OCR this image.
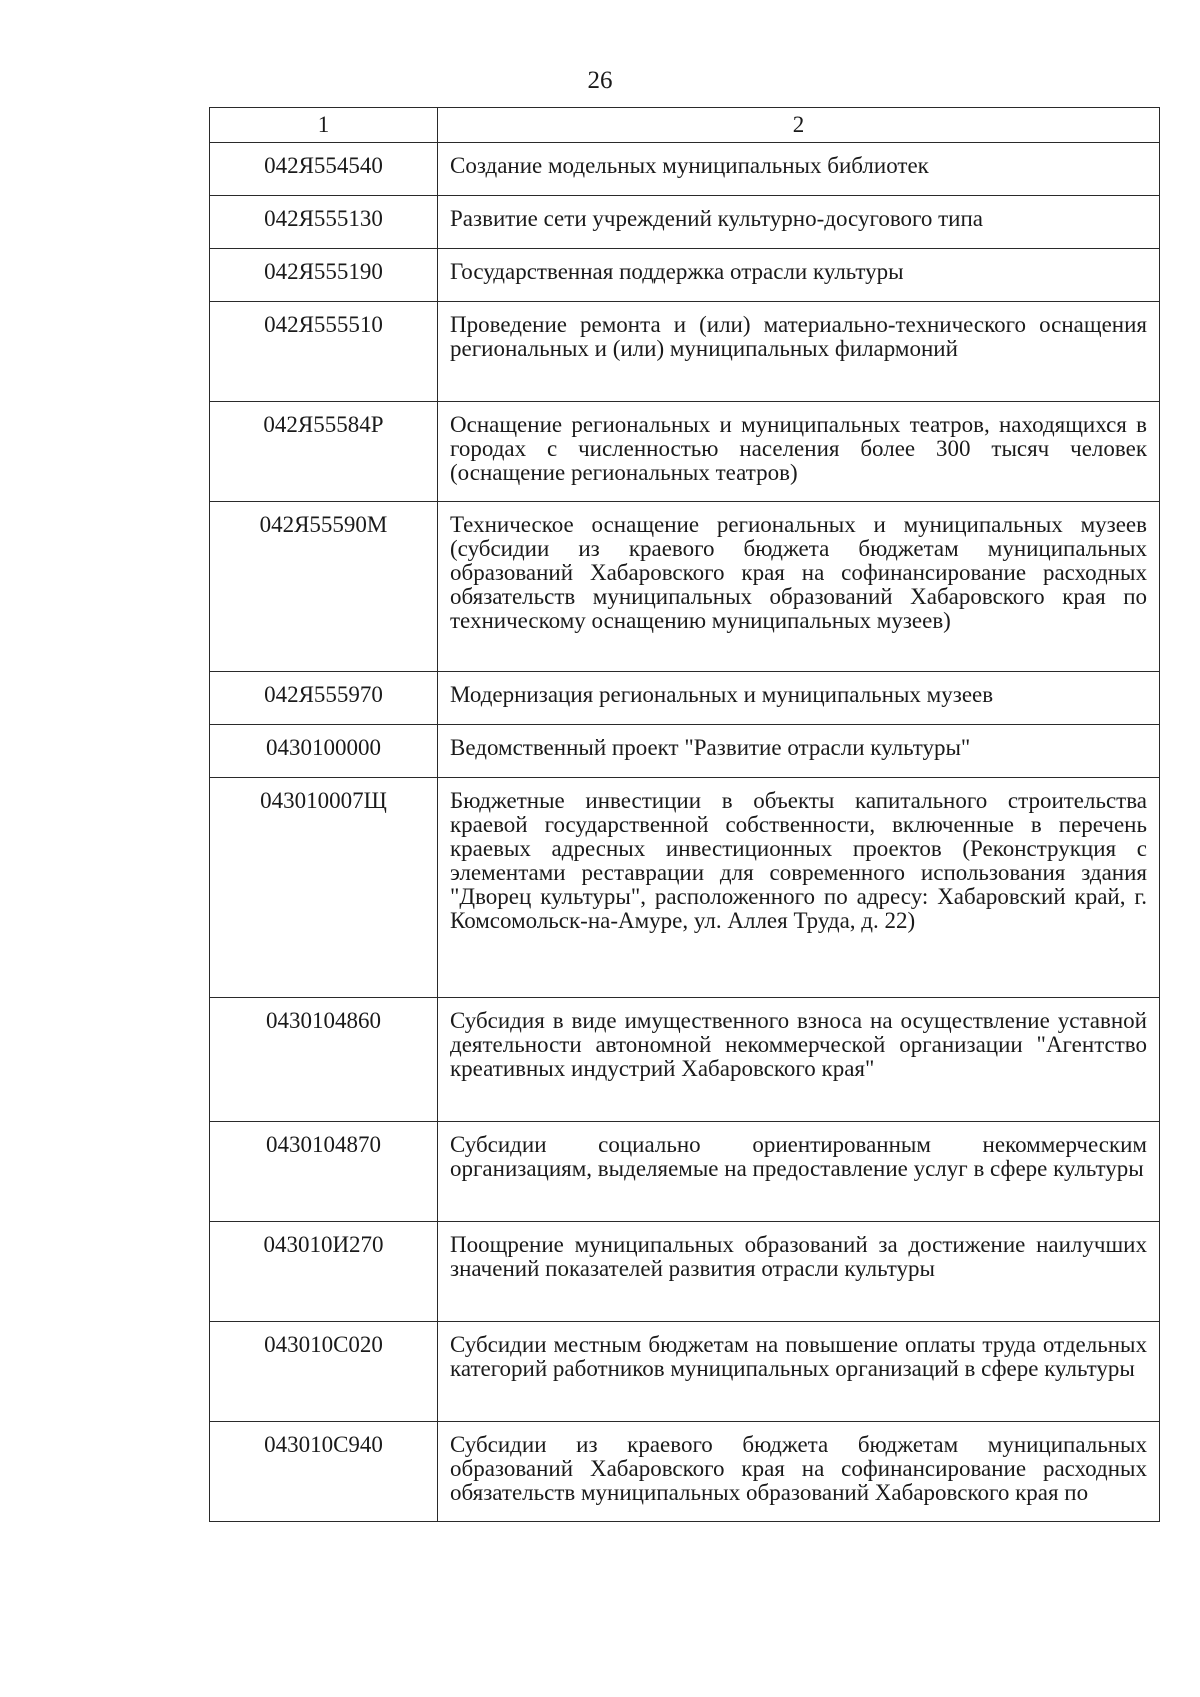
26
1	2
042Я554540	Создание модельных муниципальных библиотек
042Я555130	Развитие сети учреждений культурно-досугового типа
042Я555190	Государственная поддержка отрасли культуры
042Я555510	Проведение ремонта и (или) материально-технического оснащения региональных и (или) муниципальных филармоний
042Я55584Р	Оснащение региональных и муниципальных театров, находящихся в городах с численностью населения более 300 тысяч человек (оснащение региональных театров)
042Я55590М	Техническое оснащение региональных и муниципальных музеев (субсидии из краевого бюджета бюджетам муниципальных образований Хабаровского края на софинансирование расходных обязательств муниципальных образований Хабаровского края по техническому оснащению муниципальных музеев)
042Я555970	Модернизация региональных и муниципальных музеев
0430100000	Ведомственный проект "Развитие отрасли культуры"
043010007Щ	Бюджетные инвестиции в объекты капитального строительства краевой государственной собственности, включенные в перечень краевых адресных инвестиционных проектов (Реконструкция с элементами реставрации для современного использования здания "Дворец культуры", расположенного по адресу: Хабаровский край, г. Комсомольск-на-Амуре, ул. Аллея Труда, д. 22)
0430104860	Субсидия в виде имущественного взноса на осуществление уставной деятельности автономной некоммерческой организации "Агентство креативных индустрий Хабаровского края"
0430104870	Субсидии социально ориентированным некоммерческим организациям, выделяемые на предоставление услуг в сфере культуры
043010И270	Поощрение муниципальных образований за достижение наилучших значений показателей развития отрасли культуры
043010С020	Субсидии местным бюджетам на повышение оплаты труда отдельных категорий работников муниципальных организаций в сфере культуры
043010С940	Субсидии из краевого бюджета бюджетам муниципальных образований Хабаровского края на софинансирование расходных обязательств муниципальных образований Хабаровского края по
